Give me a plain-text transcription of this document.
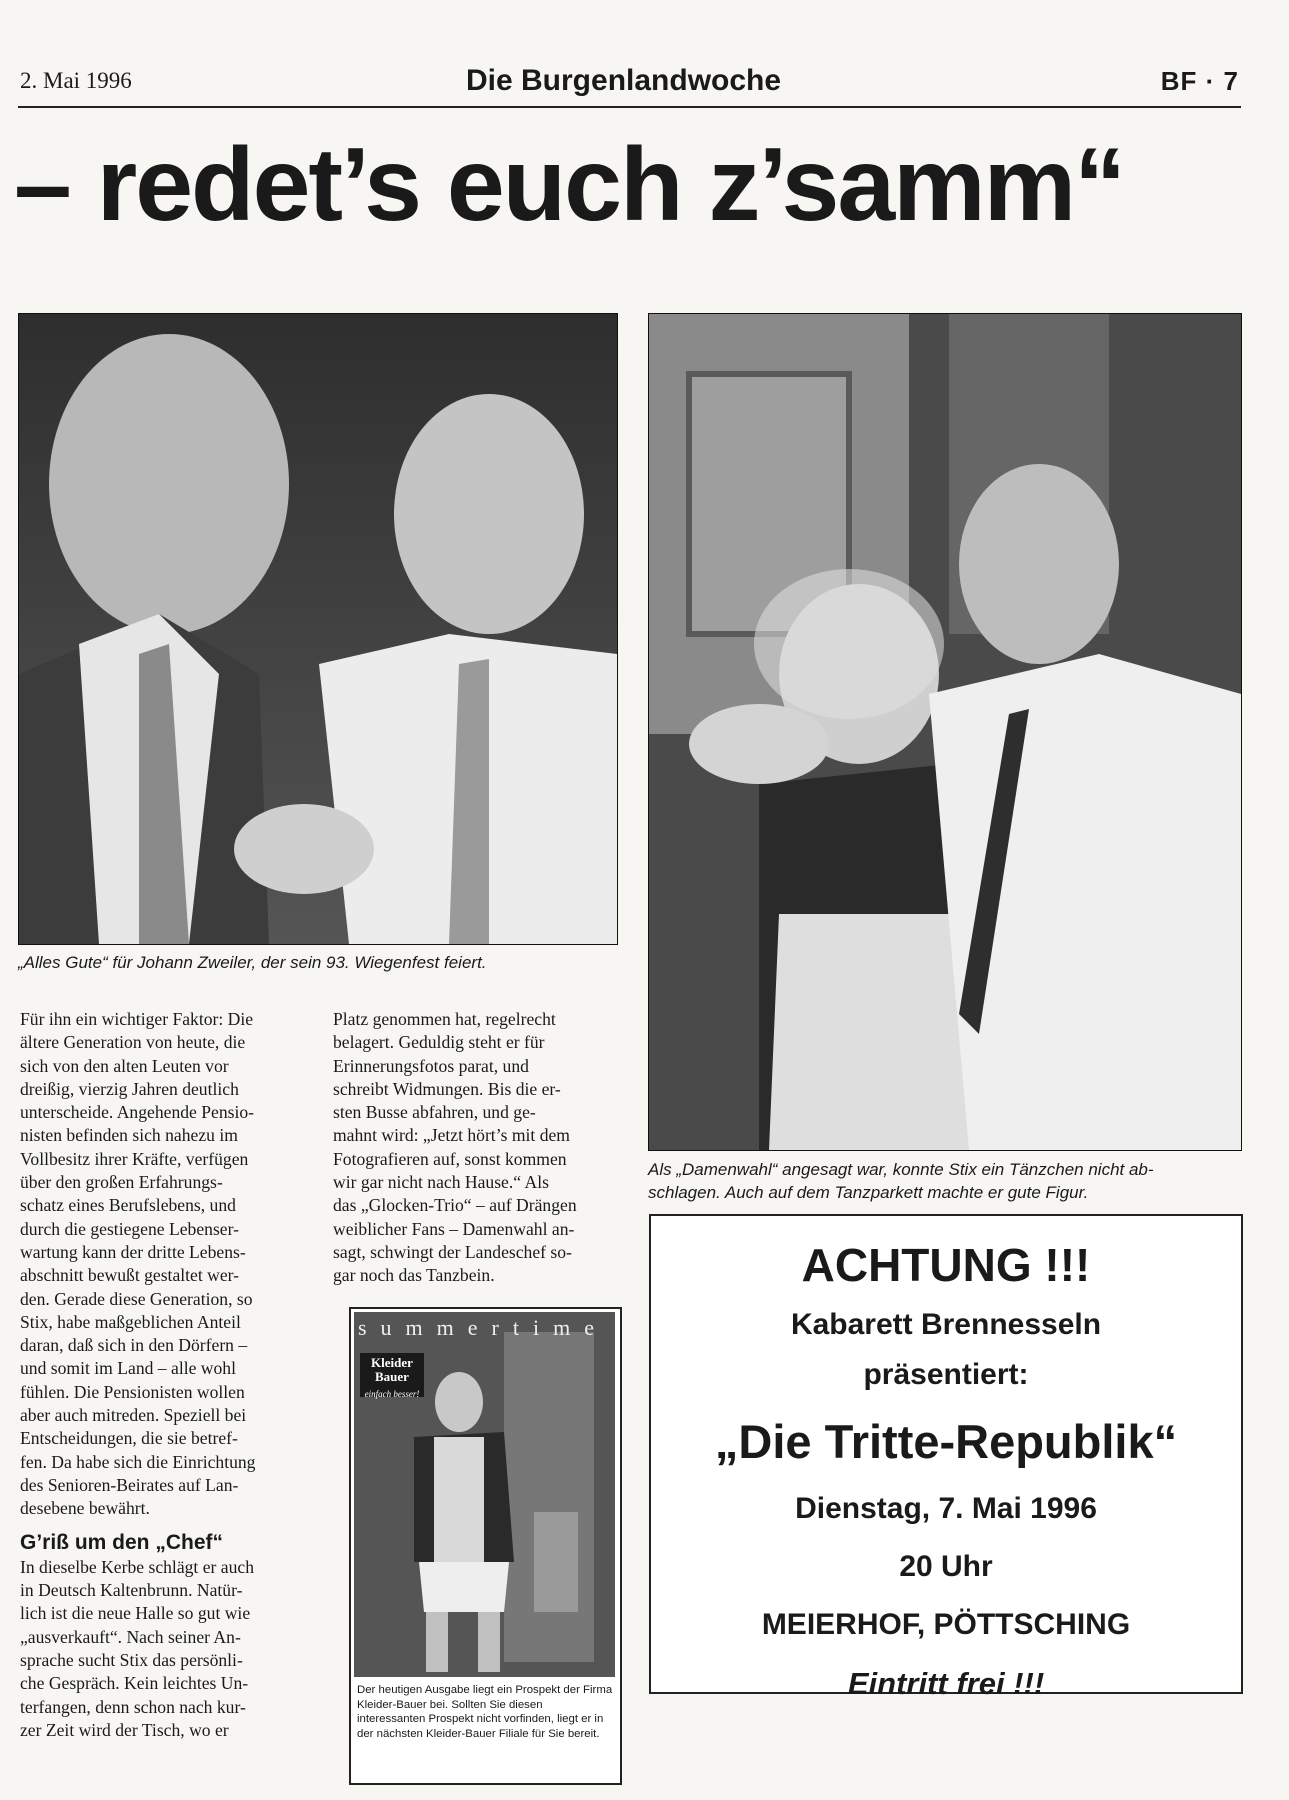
2. Mai 1996	Die Burgenlandwoche	BF · 7
– redet’s euch z’samm“
„Alles Gute“ für Johann Zweiler, der sein 93. Wiegenfest feiert.
Als „Damenwahl“ angesagt war, konnte Stix ein Tänzchen nicht ab-
schlagen. Auch auf dem Tanzparkett machte er gute Figur.
Für ihn ein wichtiger Faktor: Die
ältere Generation von heute, die
sich von den alten Leuten vor
dreißig, vierzig Jahren deutlich
unterscheide. Angehende Pensio-
nisten befinden sich nahezu im
Vollbesitz ihrer Kräfte, verfügen
über den großen Erfahrungs-
schatz eines Berufslebens, und
durch die gestiegene Lebenser-
wartung kann der dritte Lebens-
abschnitt bewußt gestaltet wer-
den. Gerade diese Generation, so
Stix, habe maßgeblichen Anteil
daran, daß sich in den Dörfern –
und somit im Land – alle wohl
fühlen. Die Pensionisten wollen
aber auch mitreden. Speziell bei
Entscheidungen, die sie betref-
fen. Da habe sich die Einrichtung
des Senioren-Beirates auf Lan-
desebene bewährt.
G’riß um den „Chef“
In dieselbe Kerbe schlägt er auch
in Deutsch Kaltenbrunn. Natür-
lich ist die neue Halle so gut wie
„ausverkauft“. Nach seiner An-
sprache sucht Stix das persönli-
che Gespräch. Kein leichtes Un-
terfangen, denn schon nach kur-
zer Zeit wird der Tisch, wo er
Platz genommen hat, regelrecht
belagert. Geduldig steht er für
Erinnerungsfotos parat, und
schreibt Widmungen. Bis die er-
sten Busse abfahren, und ge-
mahnt wird: „Jetzt hört’s mit dem
Fotografieren auf, sonst kommen
wir gar nicht nach Hause.“ Als
das „Glocken-Trio“ – auf Drängen
weiblicher Fans – Damenwahl an-
sagt, schwingt der Landeschef so-
gar noch das Tanzbein.
summertime
Kleider
Bauer
einfach besser!
Der heutigen Ausgabe liegt ein Prospekt der Firma Kleider-Bauer bei. Sollten Sie diesen interessanten Prospekt nicht vorfinden, liegt er in der nächsten Kleider-Bauer Filiale für Sie bereit.
ACHTUNG !!!
Kabarett Brennesseln
präsentiert:
„Die Tritte-Republik“
Dienstag, 7. Mai 1996
20 Uhr
MEIERHOF, PÖTTSCHING
Eintritt frei !!!
